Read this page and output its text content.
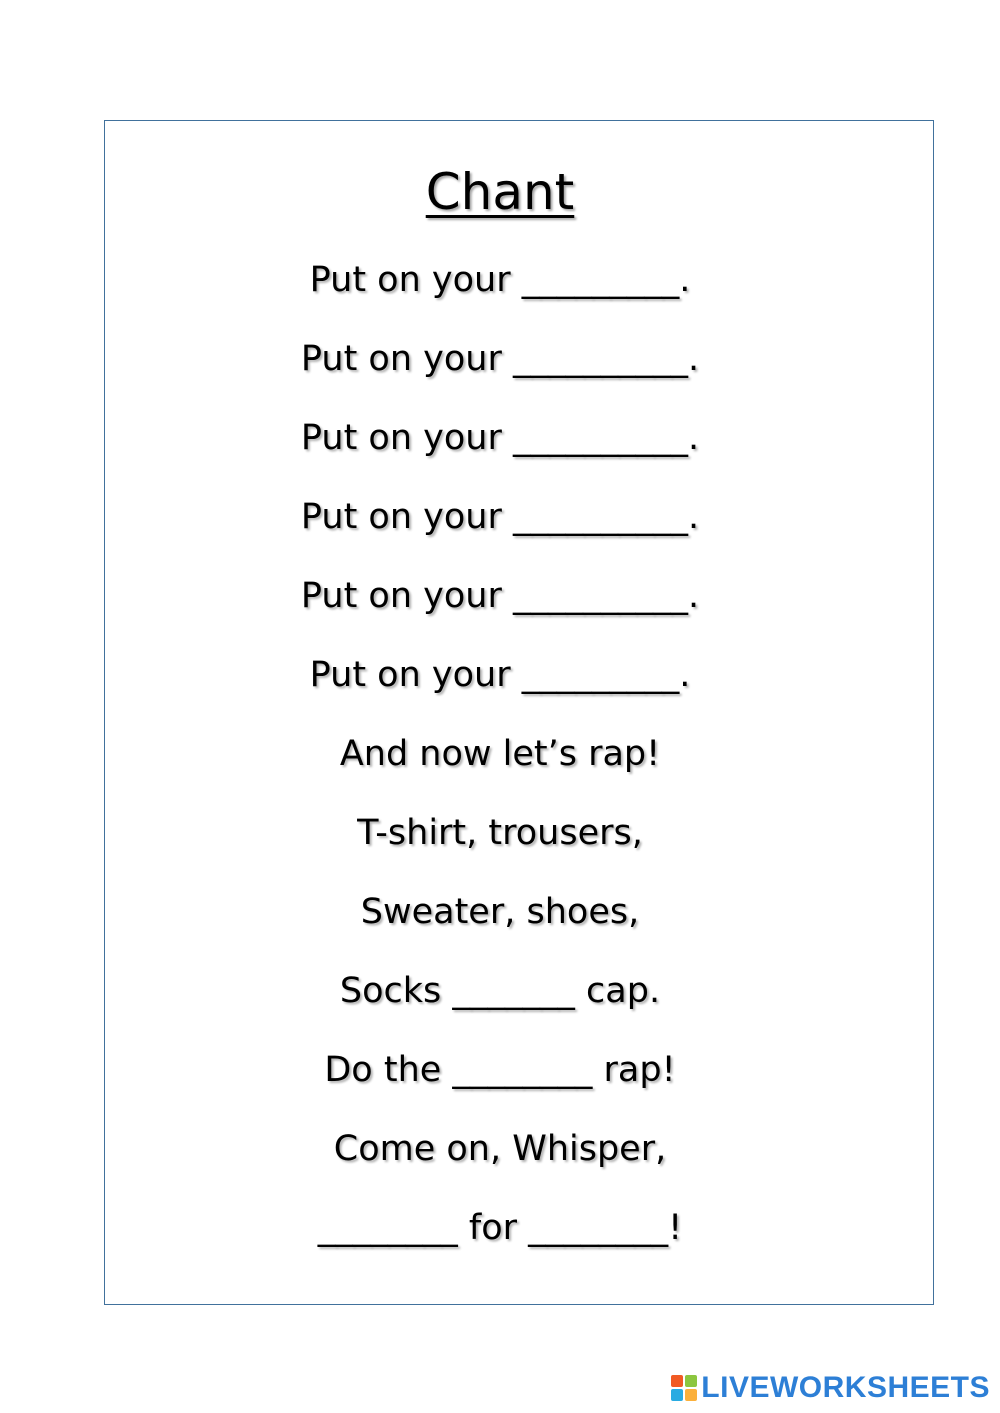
Chant
Put on your _________.
Put on your __________.
Put on your __________.
Put on your __________.
Put on your __________.
Put on your _________.
And now let’s rap!
T-shirt, trousers,
Sweater, shoes,
Socks _______ cap.
Do the ________ rap!
Come on, Whisper,
________ for ________!
LIVEWORKSHEETS
